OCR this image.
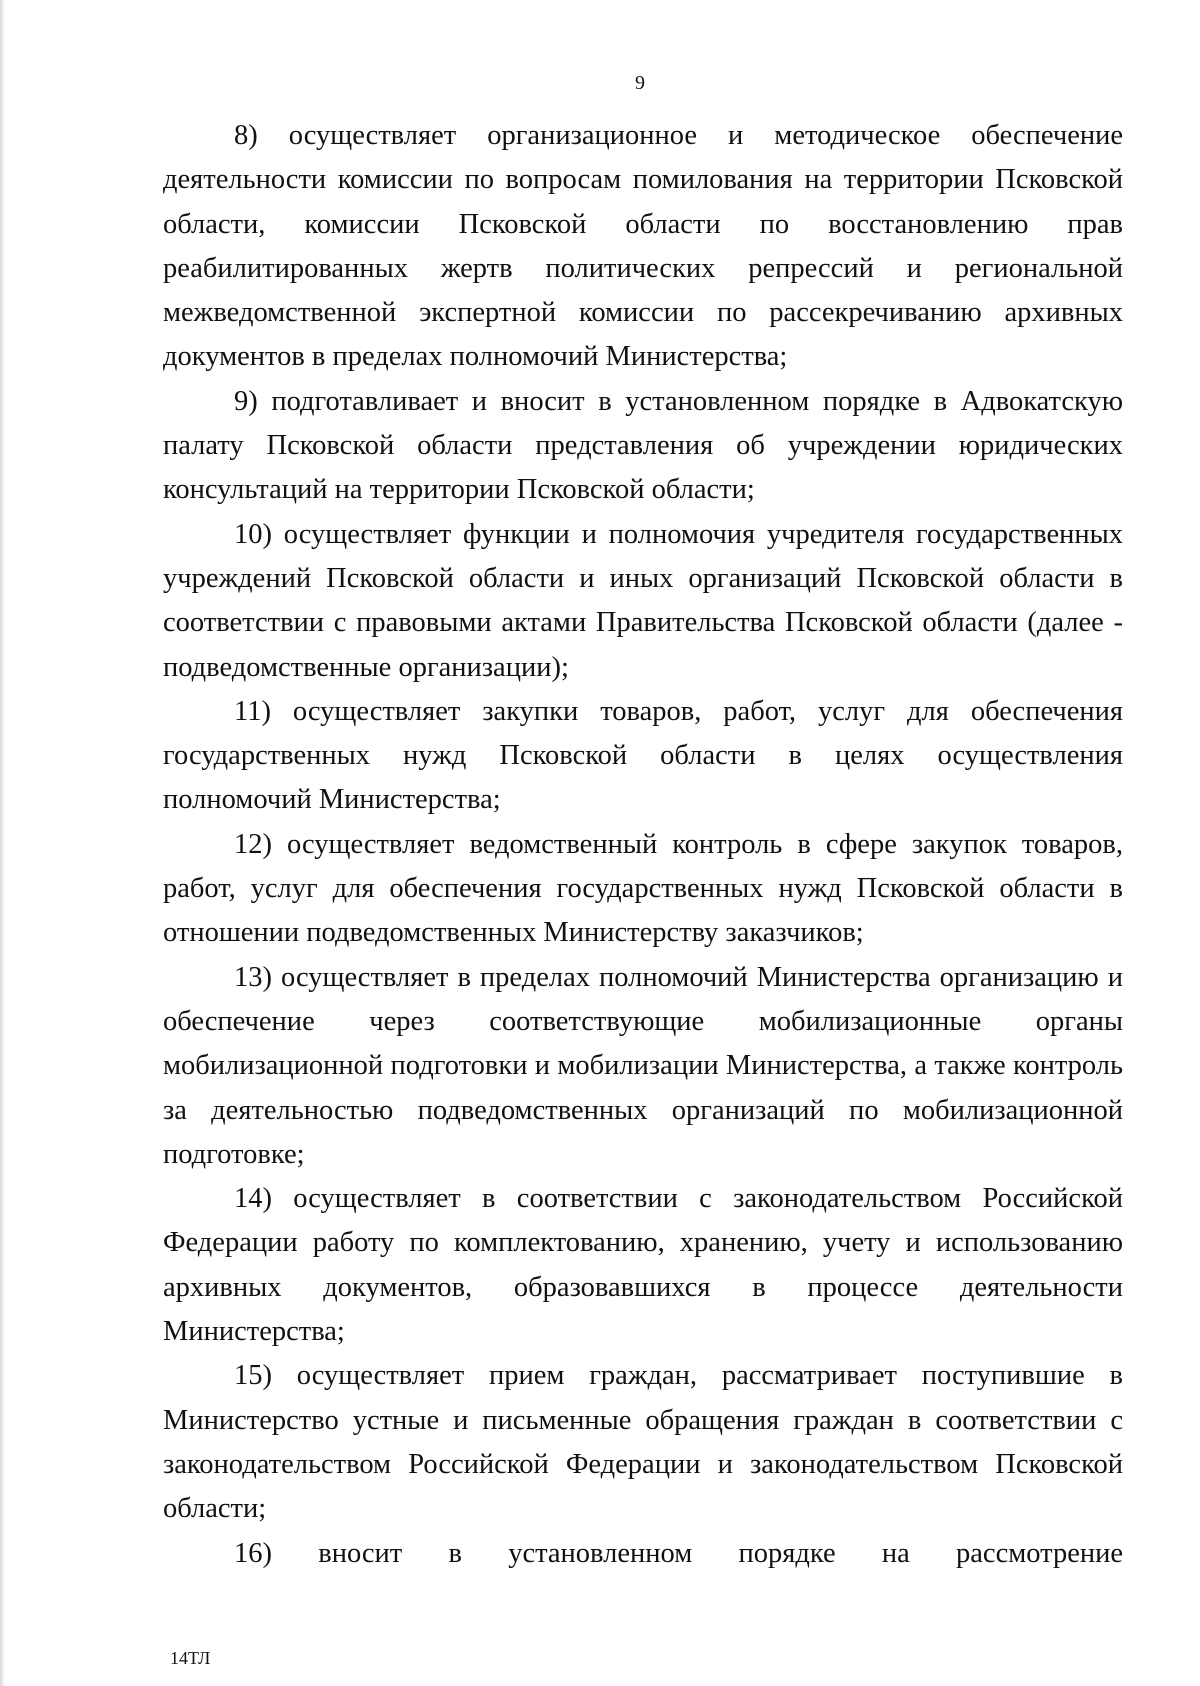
9

8) осуществляет организационное и методическое обеспечение деятельности комиссии по вопросам помилования на территории Псковской области, комиссии Псковской области по восстановлению прав реабилитированных жертв политических репрессий и региональной межведомственной экспертной комиссии по рассекречиванию архивных документов в пределах полномочий Министерства;

9) подготавливает и вносит в установленном порядке в Адвокатскую палату Псковской области представления об учреждении юридических консультаций на территории Псковской области;

10) осуществляет функции и полномочия учредителя государственных учреждений Псковской области и иных организаций Псковской области в соответствии с правовыми актами Правительства Псковской области (далее - подведомственные организации);

11) осуществляет закупки товаров, работ, услуг для обеспечения государственных нужд Псковской области в целях осуществления полномочий Министерства;

12) осуществляет ведомственный контроль в сфере закупок товаров, работ, услуг для обеспечения государственных нужд Псковской области в отношении подведомственных Министерству заказчиков;

13) осуществляет в пределах полномочий Министерства организацию и обеспечение через соответствующие мобилизационные органы мобилизационной подготовки и мобилизации Министерства, а также контроль за деятельностью подведомственных организаций по мобилизационной подготовке;

14) осуществляет в соответствии с законодательством Российской Федерации работу по комплектованию, хранению, учету и использованию архивных документов, образовавшихся в процессе деятельности Министерства;

15) осуществляет прием граждан, рассматривает поступившие в Министерство устные и письменные обращения граждан в соответствии с законодательством Российской Федерации и законодательством Псковской области;

16) вносит в установленном порядке на рассмотрение

14ТЛ
